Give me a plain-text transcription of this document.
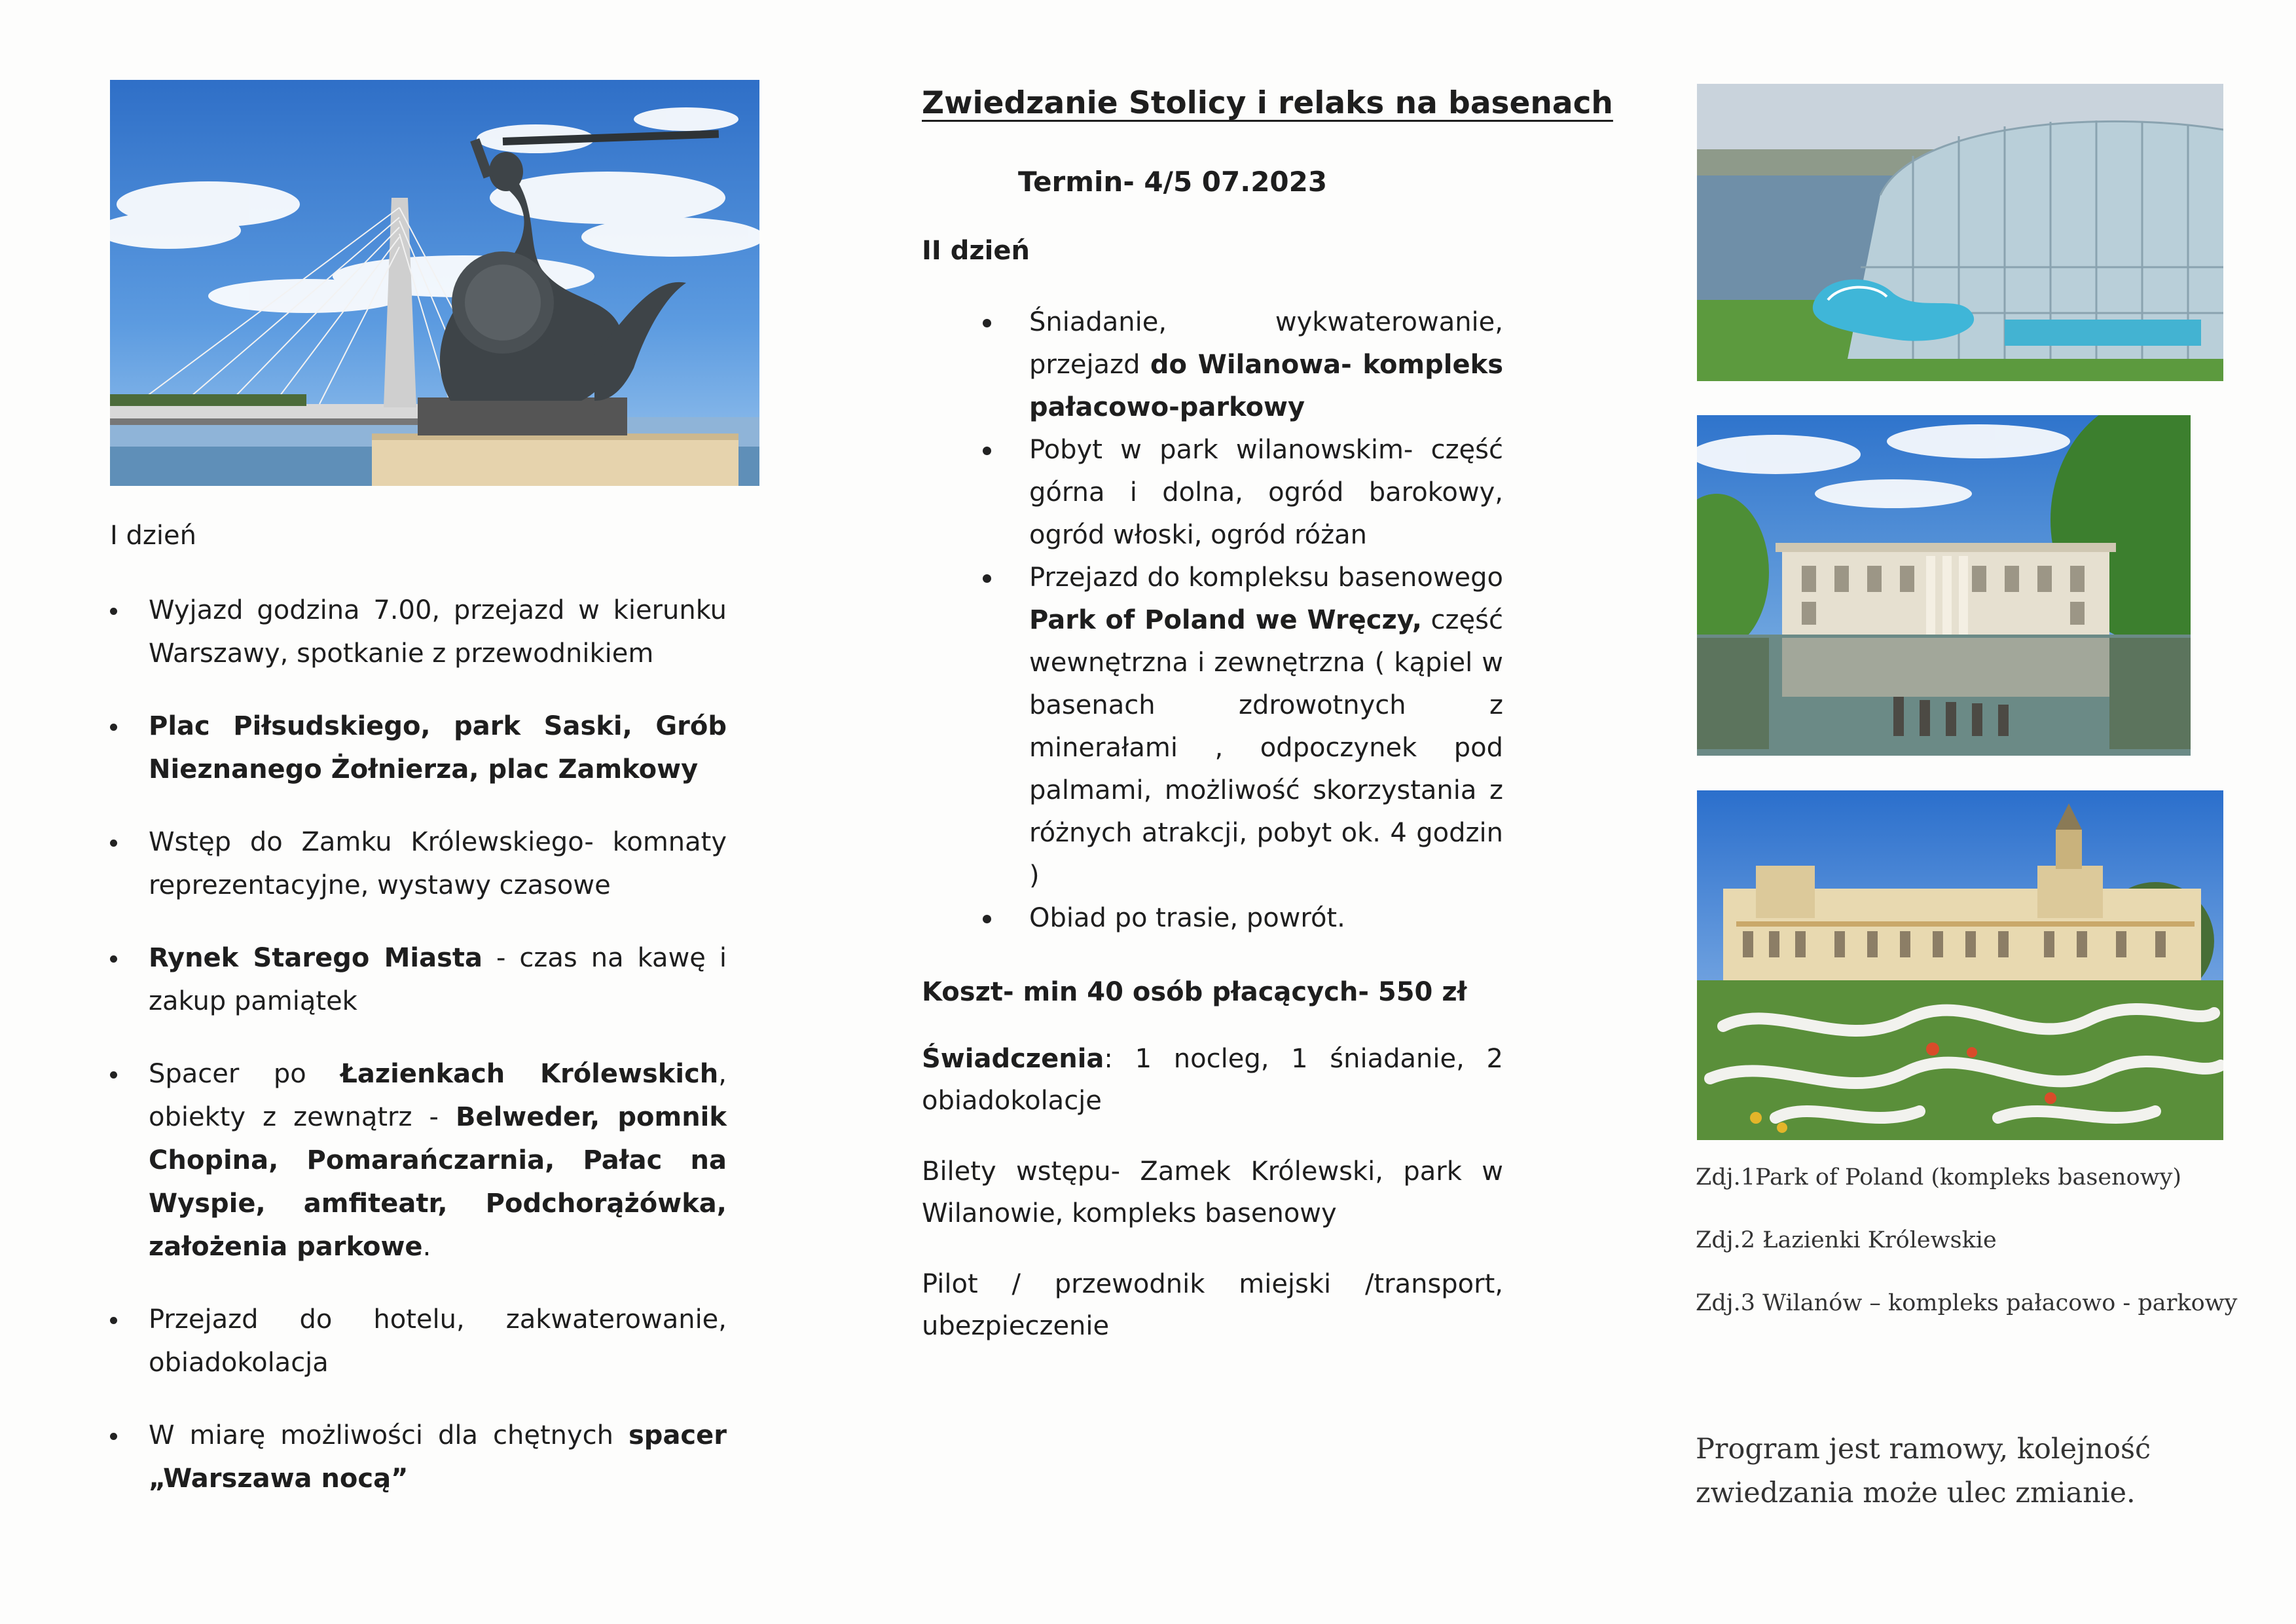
I dzień
Wyjazd godzina 7.00, przejazd w kierunku Warszawy, spotkanie z przewodnikiem
Plac Piłsudskiego, park Saski, Grób Nieznanego Żołnierza, plac Zamkowy
Wstęp do Zamku Królewskiego- komnaty reprezentacyjne, wystawy czasowe
Rynek Starego Miasta - czas na kawę i zakup pamiątek
Spacer po Łazienkach Królewskich, obiekty z zewnątrz - Belweder, pomnik Chopina, Pomarańczarnia, Pałac na Wyspie, amfiteatr, Podchorążówka, założenia parkowe.
Przejazd do hotelu, zakwaterowanie, obiadokolacja
W miarę możliwości dla chętnych spacer „Warszawa nocą”
Zwiedzanie Stolicy i relaks na basenach
Termin- 4/5 07.2023
II dzień
Śniadanie, wykwaterowanie, przejazd do Wilanowa- kompleks pałacowo-parkowy
Pobyt w park wilanowskim- część górna i dolna, ogród barokowy, ogród włoski, ogród różan
Przejazd do kompleksu basenowego Park of Poland we Wręczy, część wewnętrzna i zewnętrzna ( kąpiel w basenach zdrowotnych z minerałami , odpoczynek pod palmami, możliwość skorzystania z różnych atrakcji, pobyt ok. 4 godzin )
Obiad po trasie, powrót.

Koszt- min 40 osób płacących- 550 zł

Świadczenia: 1 nocleg, 1 śniadanie, 2 obiadokolacje

Bilety wstępu- Zamek Królewski, park w Wilanowie, kompleks basenowy

Pilot / przewodnik miejski /transport, ubezpieczenie

Zdj.1Park of Poland (kompleks basenowy)
Zdj.2 Łazienki Królewskie
Zdj.3 Wilanów – kompleks pałacowo - parkowy
Program jest ramowy, kolejność zwiedzania może ulec zmianie.
